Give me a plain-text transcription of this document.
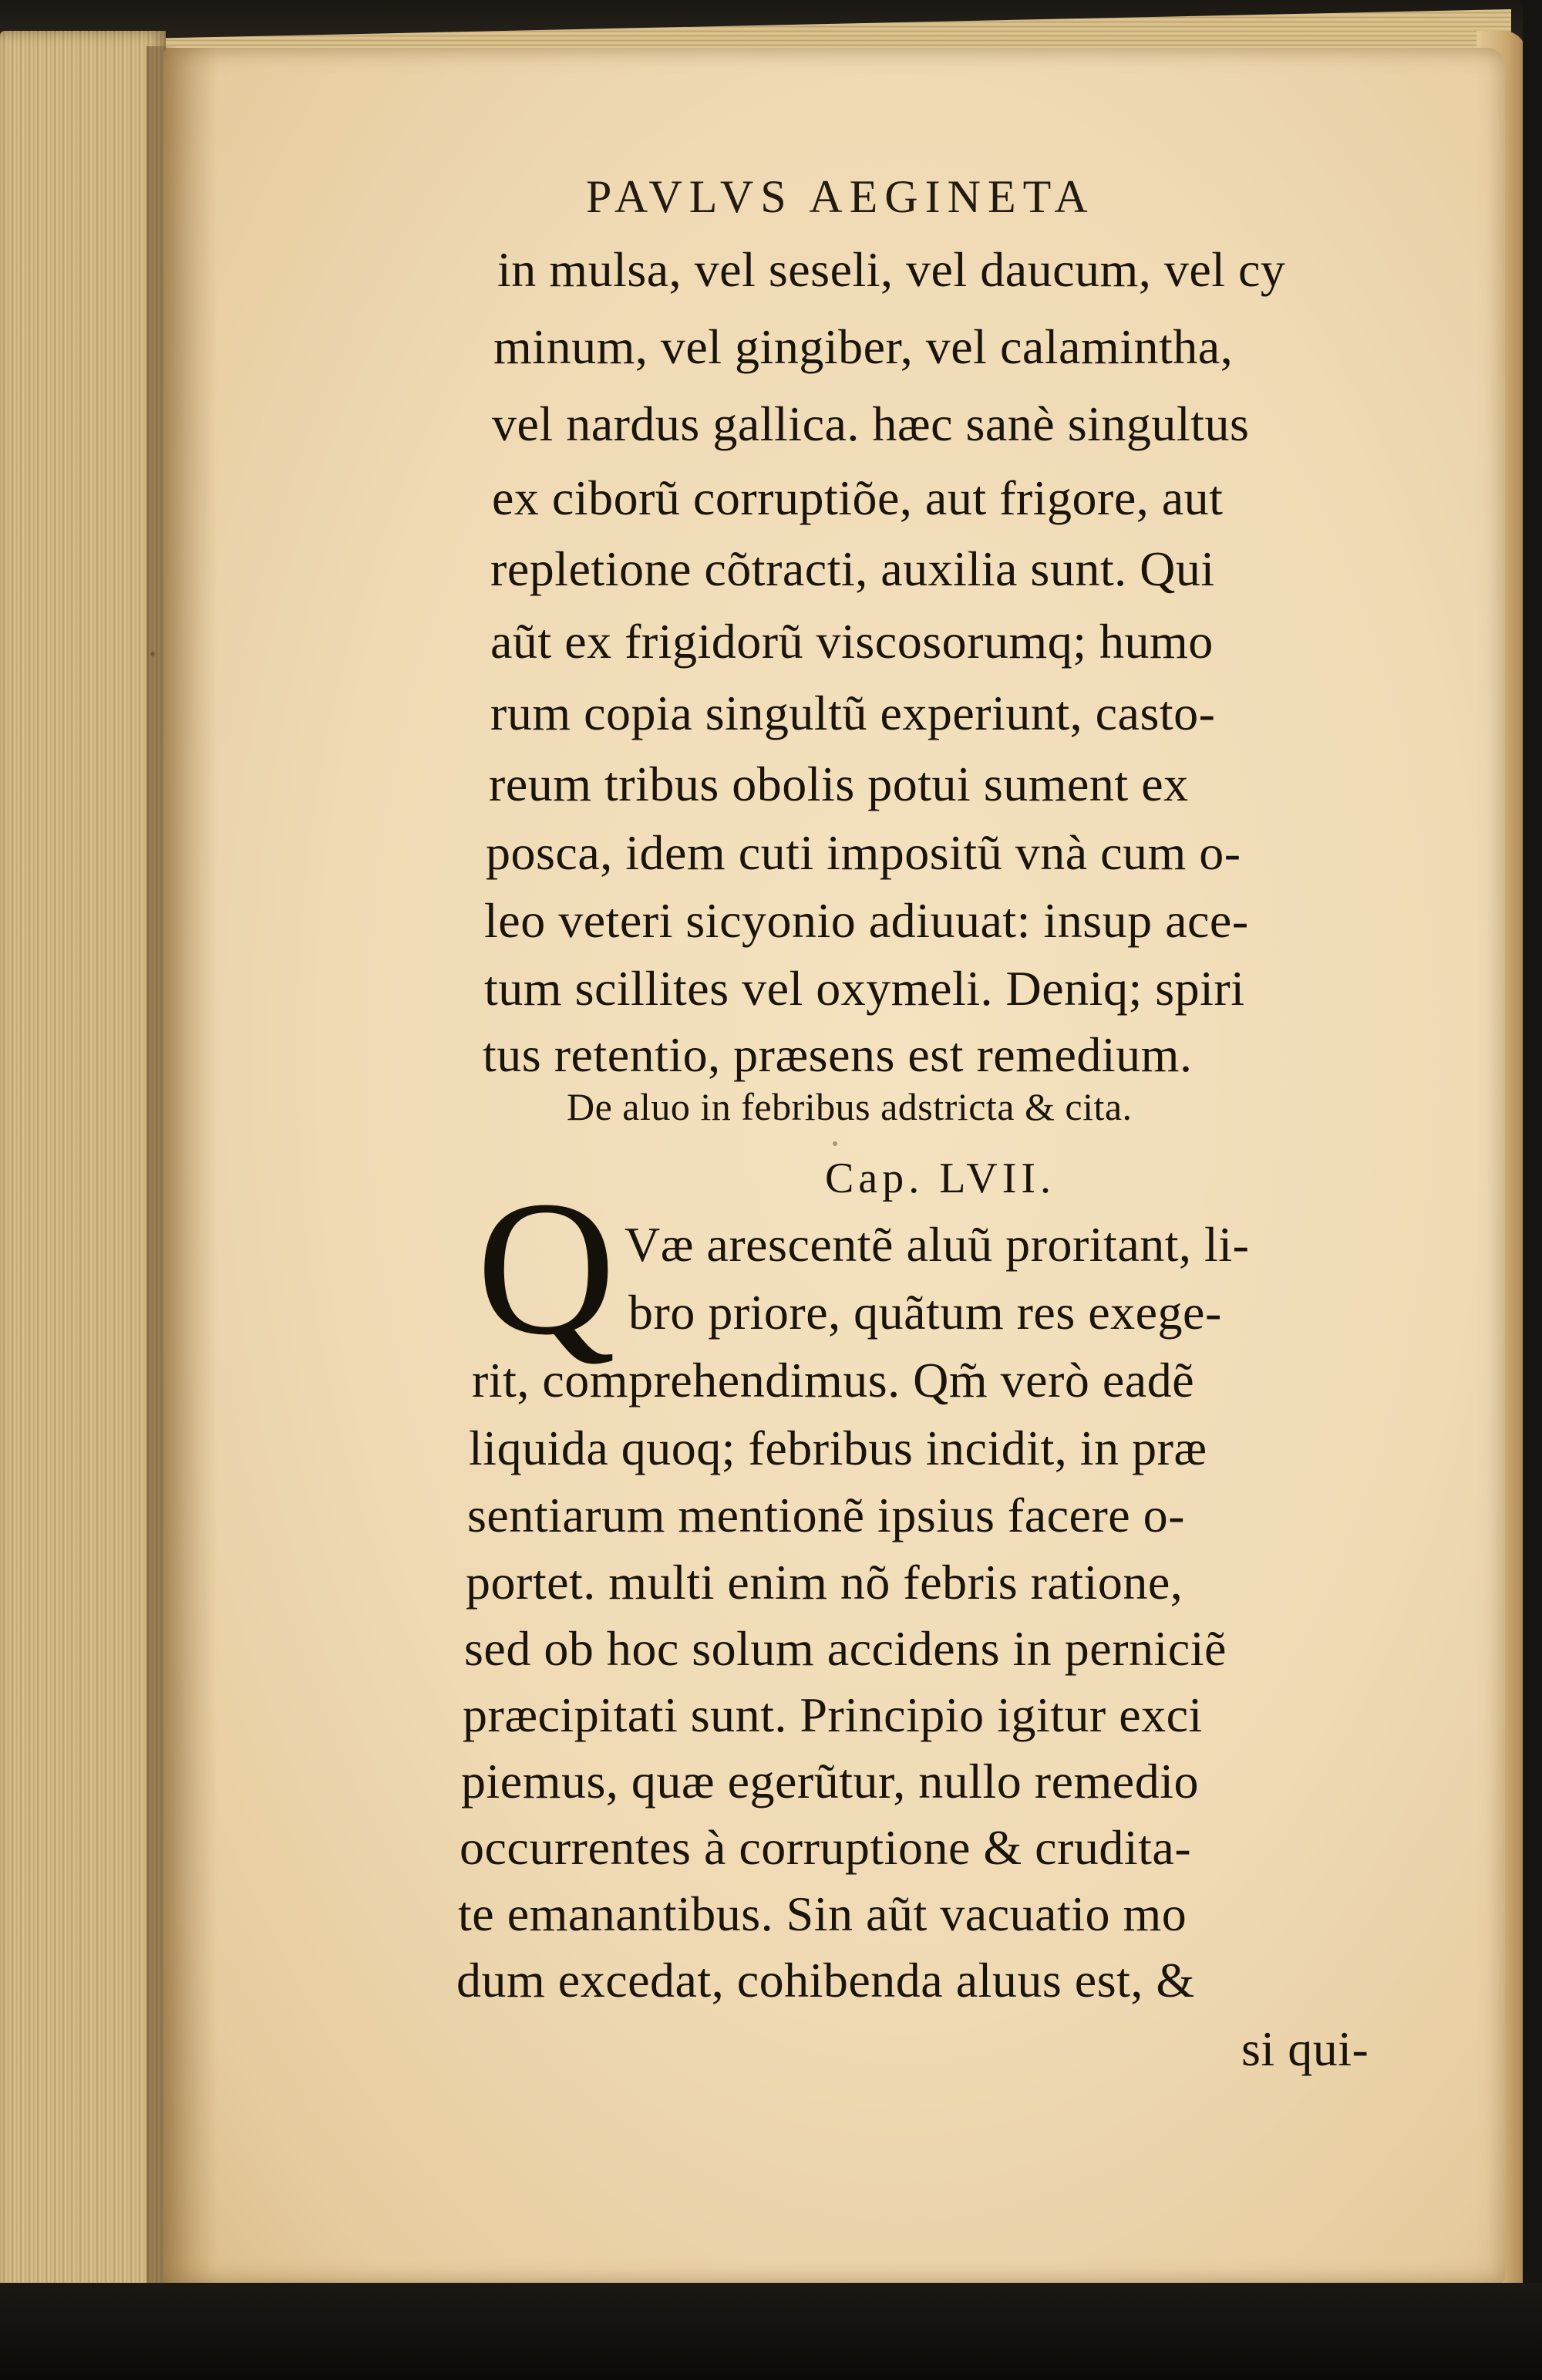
PAVLVS AEGINETA
in mulsa, vel seseli, vel daucum, vel cy
minum, vel gingiber, vel calamintha,
vel nardus gallica. hæc sanè singultus
ex ciborũ corruptiõe, aut frigore, aut
repletione cõtracti, auxilia sunt. Qui
aũt ex frigidorũ viscosorumq; humo
rum copia singultũ experiunt, casto-
reum tribus obolis potui sument ex
posca, idem cuti impositũ vnà cum o-
leo veteri sicyonio adiuuat: insup ace-
tum scillites vel oxymeli. Deniq; spiri
tus retentio, præsens est remedium.
De aluo in febribus adstricta & cita.
Cap. LVII.
Q Væ arescentẽ aluũ proritant, li-
bro priore, quãtum res exege-
rit, comprehendimus. Qm̃ verò eadẽ
liquida quoq; febribus incidit, in præ
sentiarum mentionẽ ipsius facere o-
portet. multi enim nõ febris ratione,
sed ob hoc solum accidens in perniciẽ
præcipitati sunt. Principio igitur exci
piemus, quæ egerũtur, nullo remedio
occurrentes à corruptione & crudita-
te emanantibus. Sin aũt vacuatio mo
dum excedat, cohibenda aluus est, &
si qui-
